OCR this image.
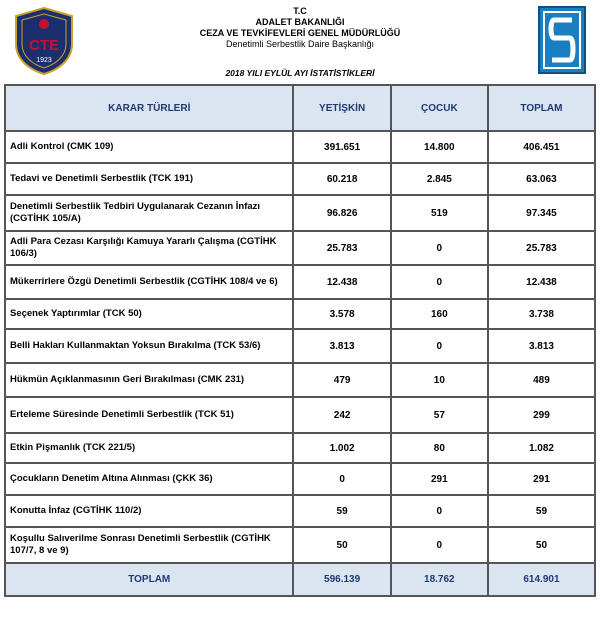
CTE
1923
T.C
ADALET BAKANLIĞI
CEZA VE TEVKİFEVLERİ GENEL MÜDÜRLÜĞÜ
Denetimli Serbestlik Daire Başkanlığı
2018 YILI EYLÜL AYI İSTATİSTİKLERİ
KARAR TÜRLERİ	YETİŞKİN	ÇOCUK	TOPLAM
Adli Kontrol (CMK 109)	391.651	14.800	406.451
Tedavi ve Denetimli Serbestlik (TCK 191)	60.218	2.845	63.063
Denetimli Serbestlik Tedbiri Uygulanarak Cezanın İnfazı (CGTİHK 105/A)	96.826	519	97.345
Adli Para Cezası Karşılığı Kamuya Yararlı Çalışma (CGTİHK 106/3)	25.783	0	25.783
Mükerrirlere Özgü Denetimli Serbestlik (CGTİHK 108/4 ve 6)	12.438	0	12.438
Seçenek Yaptırımlar (TCK 50)	3.578	160	3.738
Belli Hakları Kullanmaktan Yoksun Bırakılma (TCK 53/6)	3.813	0	3.813
Hükmün Açıklanmasının Geri Bırakılması (CMK 231)	479	10	489
Erteleme Süresinde Denetimli Serbestlik (TCK 51)	242	57	299
Etkin Pişmanlık (TCK 221/5)	1.002	80	1.082
Çocukların Denetim Altına Alınması (ÇKK 36)	0	291	291
Konutta İnfaz (CGTİHK 110/2)	59	0	59
Koşullu Salıverilme Sonrası Denetimli Serbestlik (CGTİHK 107/7, 8 ve 9)	50	0	50
TOPLAM	596.139	18.762	614.901
